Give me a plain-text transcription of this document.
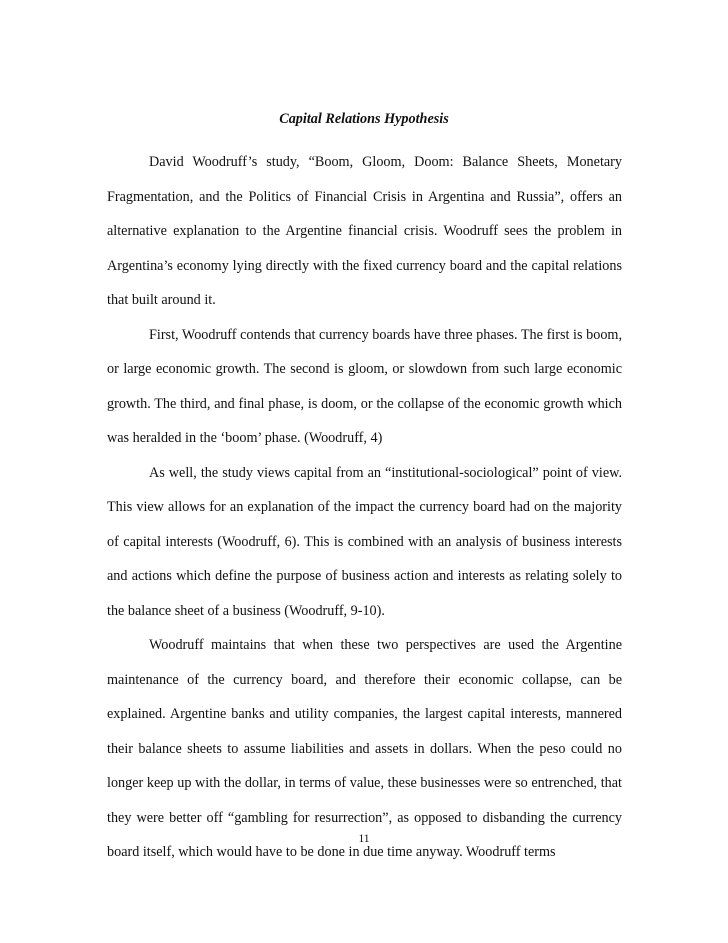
Capital Relations Hypothesis

David Woodruff’s study, “Boom, Gloom, Doom: Balance Sheets, Monetary Fragmentation, and the Politics of Financial Crisis in Argentina and Russia”, offers an alternative explanation to the Argentine financial crisis. Woodruff sees the problem in Argentina’s economy lying directly with the fixed currency board and the capital relations that built around it.

First, Woodruff contends that currency boards have three phases. The first is boom, or large economic growth. The second is gloom, or slowdown from such large economic growth. The third, and final phase, is doom, or the collapse of the economic growth which was heralded in the ‘boom’ phase. (Woodruff, 4)

As well, the study views capital from an “institutional-sociological” point of view. This view allows for an explanation of the impact the currency board had on the majority of capital interests (Woodruff, 6). This is combined with an analysis of business interests and actions which define the purpose of business action and interests as relating solely to the balance sheet of a business (Woodruff, 9-10).

Woodruff maintains that when these two perspectives are used the Argentine maintenance of the currency board, and therefore their economic collapse, can be explained. Argentine banks and utility companies, the largest capital interests, mannered their balance sheets to assume liabilities and assets in dollars. When the peso could no longer keep up with the dollar, in terms of value, these businesses were so entrenched, that they were better off “gambling for resurrection”, as opposed to disbanding the currency board itself, which would have to be done in due time anyway. Woodruff terms

11
